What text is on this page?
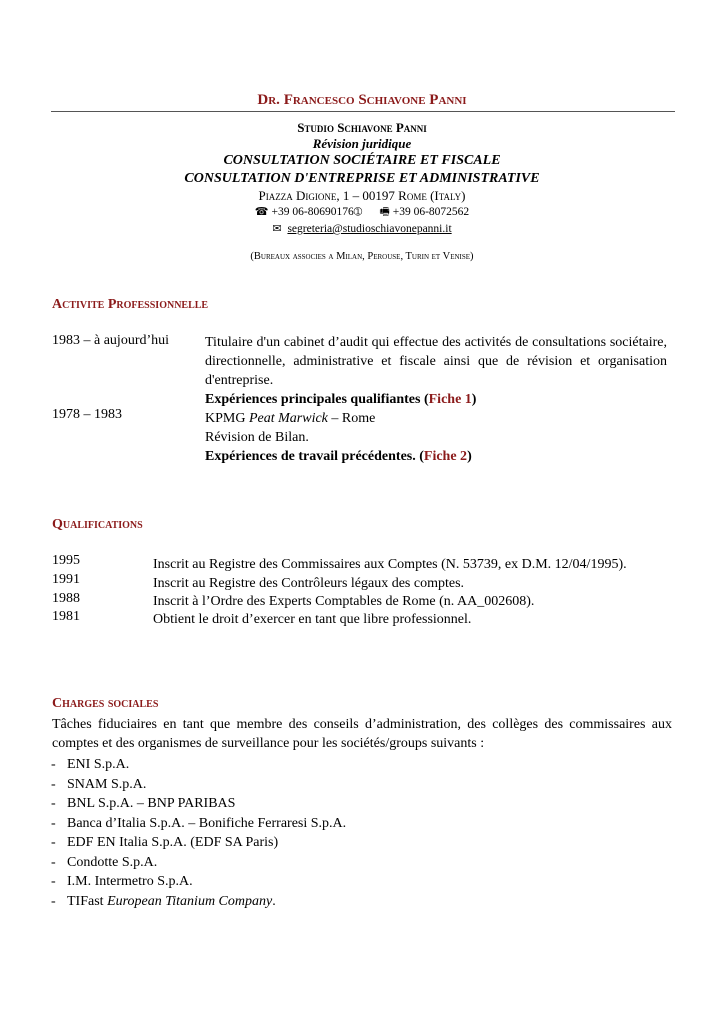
Dr. Francesco Schiavone Panni
Studio Schiavone Panni
Révision juridique
CONSULTATION SOCIÉTAIRE ET FISCALE
CONSULTATION D'ENTREPRISE ET ADMINISTRATIVE
Piazza Digione, 1 – 00197 Rome (Italy)
☎ +39 06-80690176➀ 🖷 +39 06-8072562
✉ segreteria@studioschiavonepanni.it
(Bureaux associes a Milan, Perouse, Turin et Venise)
Activite Professionnelle
1983 – à aujourd’hui	Titulaire d'un cabinet d’audit qui effectue des activités de consultations sociétaire, directionnelle, administrative et fiscale ainsi que de révision et organisation d'entreprise.
Expériences principales qualifiantes (Fiche 1)
1978 – 1983	KPMG Peat Marwick – Rome
Révision de Bilan.
Expériences de travail précédentes. (Fiche 2)
Qualifications
1995	Inscrit au Registre des Commissaires aux Comptes (N. 53739, ex D.M. 12/04/1995).
1991	Inscrit au Registre des Contrôleurs légaux des comptes.
1988	Inscrit à l’Ordre des Experts Comptables de Rome (n. AA_002608).
1981	Obtient le droit d’exercer en tant que libre professionnel.
Charges sociales
Tâches fiduciaires en tant que membre des conseils d’administration, des collèges des commissaires aux comptes et des organismes de surveillance pour les sociétés/groups suivants :
- ENI S.p.A.
- SNAM S.p.A.
- BNL S.p.A. – BNP PARIBAS
- Banca d’Italia S.p.A. – Bonifiche Ferraresi S.p.A.
- EDF EN Italia S.p.A. (EDF SA Paris)
- Condotte S.p.A.
- I.M. Intermetro S.p.A.
- TIFast European Titanium Company.
